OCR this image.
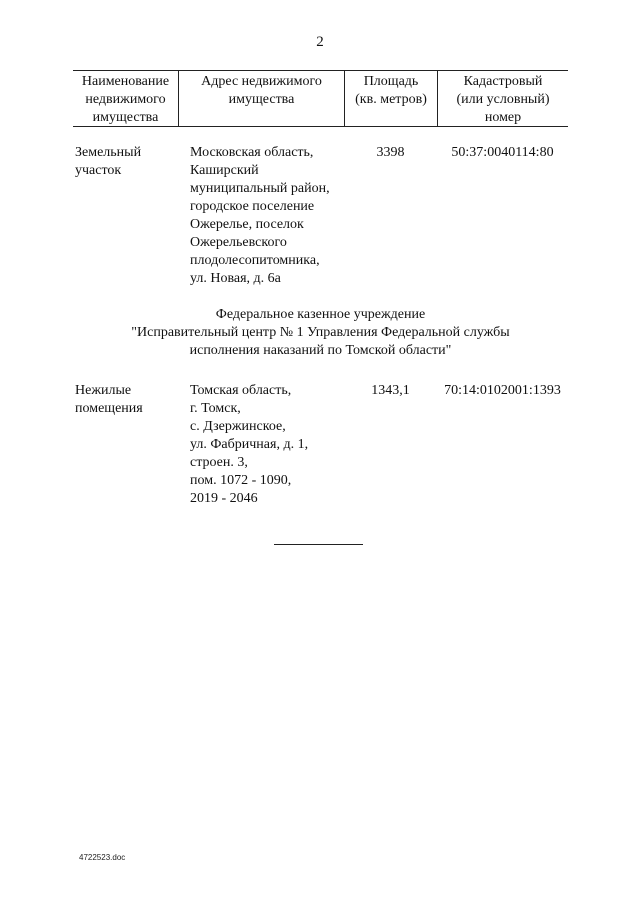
2
Наименование
недвижимого
имущества
Адрес недвижимого
имущества
Площадь
(кв. метров)
Кадастровый
(или условный)
номер
Земельный
участок
Московская область,
Каширский
муниципальный район,
городское поселение
Ожерелье, поселок
Ожерельевского
плодолесопитомника,
ул. Новая, д. 6а
3398	50:37:0040114:80
Федеральное казенное учреждение
"Исправительный центр № 1 Управления Федеральной службы
исполнения наказаний по Томской области"
Нежилые
помещения
Томская область,
г. Томск,
с. Дзержинское,
ул. Фабричная, д. 1,
строен. 3,
пом. 1072 - 1090,
2019 - 2046
1343,1	70:14:0102001:1393
4722523.doc
